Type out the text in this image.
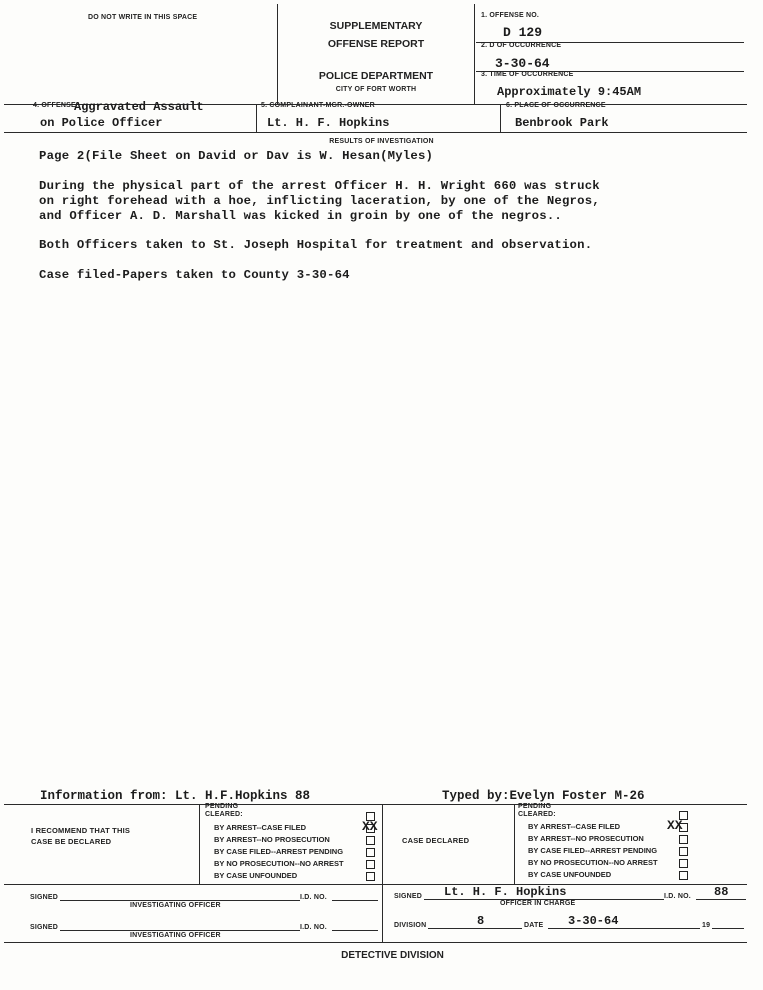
DO NOT WRITE IN THIS SPACE
SUPPLEMENTARY
OFFENSE REPORT
POLICE DEPARTMENT
CITY OF FORT WORTH
1. OFFENSE NO.
D 129
2. D OF OCCURRENCE
3-30-64
3. TIME OF OCCURRENCE
Approximately 9:45AM
4. OFFENSE
Aggravated Assault
on Police Officer
5. COMPLAINANT-MGR.-OWNER
Lt. H. F. Hopkins
6. PLACE OF OCCURRENCE
Benbrook Park
RESULTS OF INVESTIGATION
Page 2(File Sheet on David or Dav is W. Hesan(Myles)
During the physical part of the arrest Officer H. H. Wright 660 was struck
on right forehead with a hoe, inflicting laceration, by one of the Negros,
and Officer A. D. Marshall was kicked in groin by one of the negros..
Both Officers taken to St. Joseph Hospital for treatment and observation.
Case filed-Papers taken to County 3-30-64
Information from: Lt. H.F.Hopkins 88	Typed by:Evelyn Foster M-26
I RECOMMEND THAT THIS
CASE BE DECLARED	CASE DECLARED
PENDING
CLEARED:
BY ARREST--CASE FILED	XX
BY ARREST--NO PROSECUTION
BY CASE FILED--ARREST PENDING
BY NO PROSECUTION--NO ARREST
BY CASE UNFOUNDED
PENDING
CLEARED:
BY ARREST--CASE FILED	XX
BY ARREST--NO PROSECUTION
BY CASE FILED--ARREST PENDING
BY NO PROSECUTION--NO ARREST
BY CASE UNFOUNDED
SIGNED	I.D. NO.
INVESTIGATING OFFICER
SIGNED	I.D. NO.
INVESTIGATING OFFICER
SIGNED Lt. H. F. Hopkins	I.D. NO. 88
OFFICER IN CHARGE
DIVISION	8	DATE 3-30-64	19
DETECTIVE DIVISION
